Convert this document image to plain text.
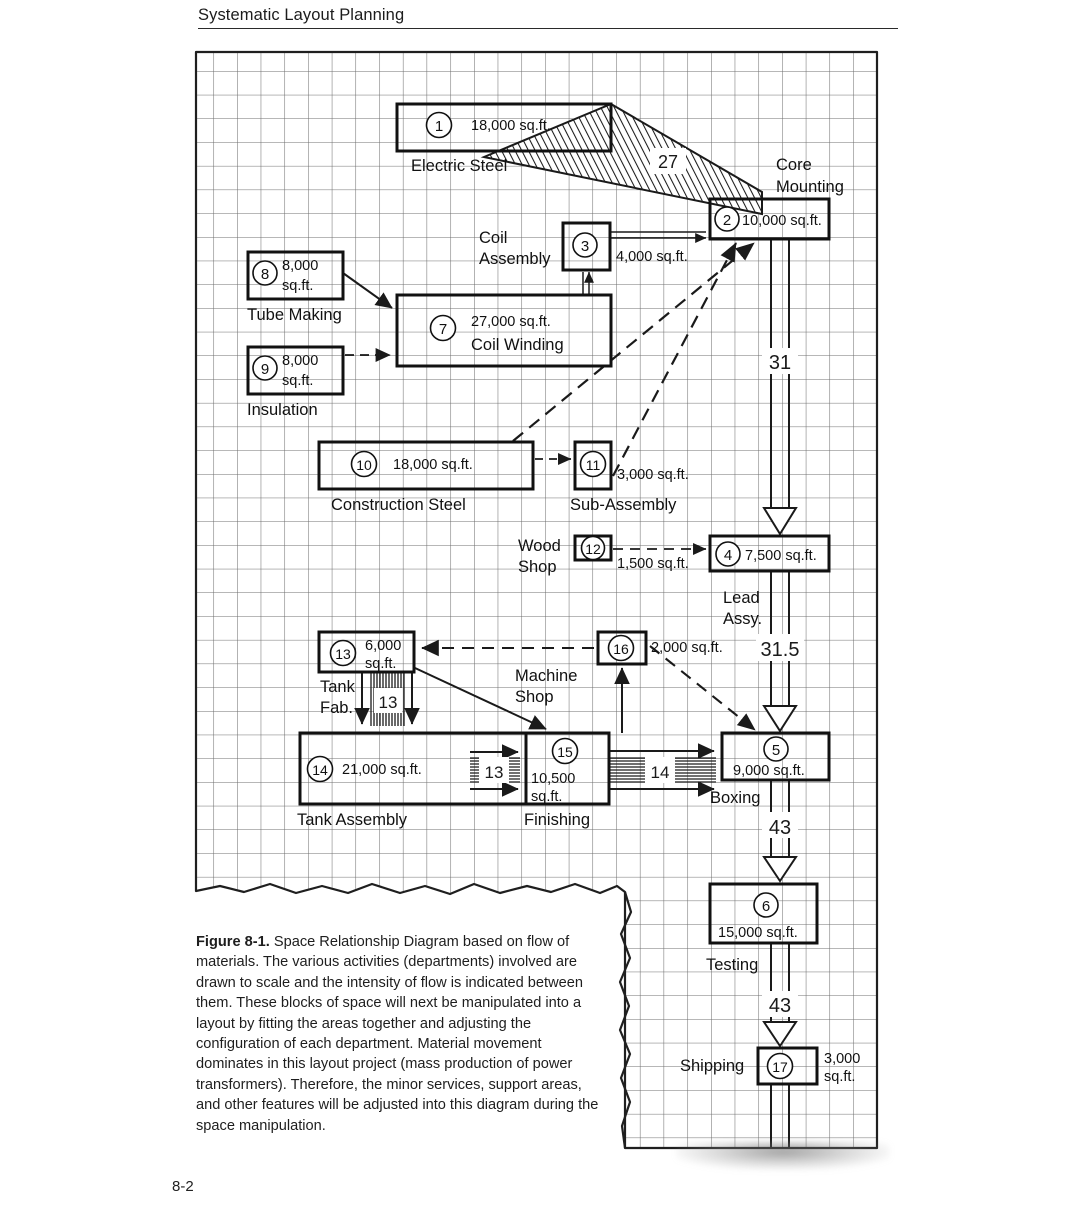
Systematic Layout Planning
27
31
31.5
43
43
13
13	14
1 18,000 sq.ft.
Electric Steel
2 10,000 sq.ft.
Core
Mounting
3
4,000 sq.ft.
Coil
Assembly
4 7,500 sq.ft.
Lead
Assy.
5
9,000 sq.ft.
Boxing
6
15,000 sq.ft.
Testing
7 27,000 sq.ft.
Coil Winding
8 8,000
sq.ft.
Tube Making
9 8,000
sq.ft.
Insulation
10 18,000 sq.ft.
Construction Steel
11
3,000 sq.ft.
Sub-Assembly
12
1,500 sq.ft.
Wood
Shop
13 6,000
sq.ft.
Tank
Fab.
14 21,000 sq.ft.
Tank Assembly
15
10,500
sq.ft.
Finishing
16 2,000 sq.ft.
Machine
Shop
17 3,000
sq.ft.
Shipping
Figure 8-1. Space Relationship Diagram based on flow of materials. The various activities (departments) involved are drawn to scale and the intensity of flow is indicated between them. These blocks of space will next be manipulated into a layout by fitting the areas together and adjusting the configuration of each department. Material movement dominates in this layout project (mass production of power transformers). Therefore, the minor services, support areas, and other features will be adjusted into this diagram during the space manipulation.
8-2
